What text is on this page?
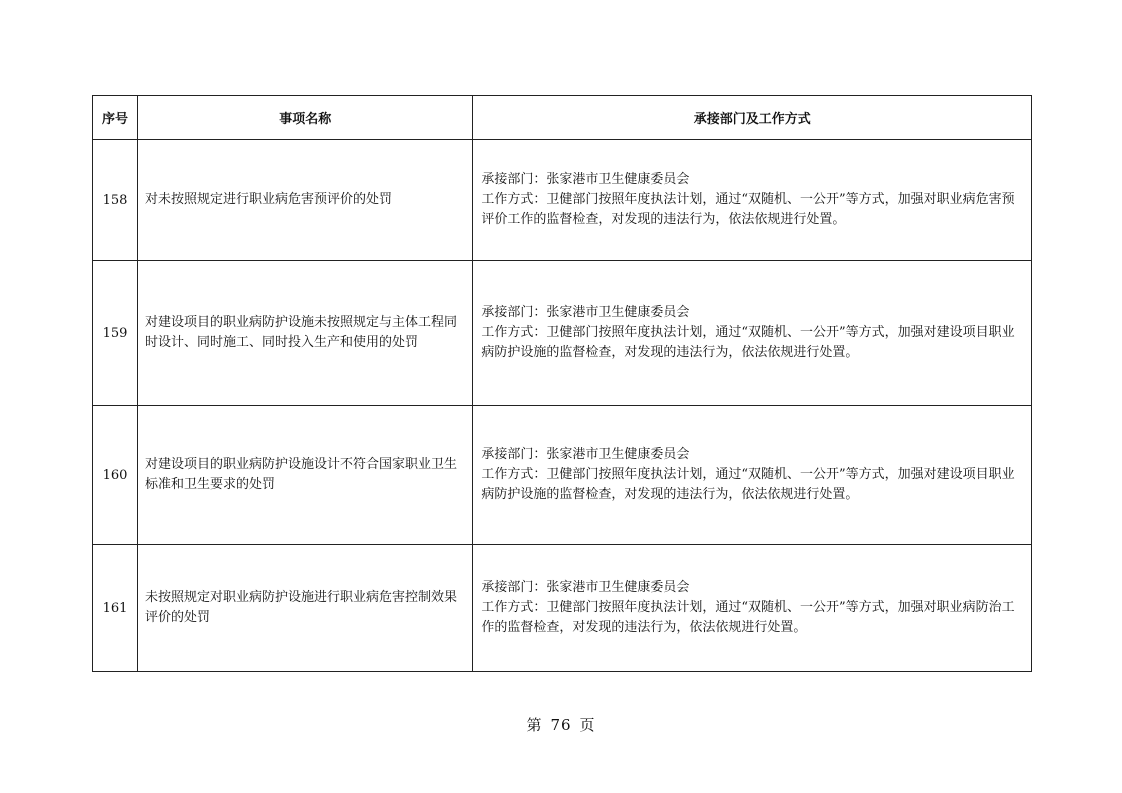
序号	事项名称	承接部门及工作方式
158	对未按照规定进行职业病危害预评价的处罚	承接部门：张家港市卫生健康委员会
工作方式：卫健部门按照年度执法计划，通过“双随机、一公开”等方式，加强对职业病危害预评价工作的监督检查，对发现的违法行为，依法依规进行处置。

159	对建设项目的职业病防护设施未按照规定与主体工程同时设计、同时施工、同时投入生产和使用的处罚	承接部门：张家港市卫生健康委员会
工作方式：卫健部门按照年度执法计划，通过“双随机、一公开”等方式，加强对建设项目职业病防护设施的监督检查，对发现的违法行为，依法依规进行处置。

160	对建设项目的职业病防护设施设计不符合国家职业卫生标准和卫生要求的处罚	承接部门：张家港市卫生健康委员会
工作方式：卫健部门按照年度执法计划，通过“双随机、一公开”等方式，加强对建设项目职业病防护设施的监督检查，对发现的违法行为，依法依规进行处置。

161	未按照规定对职业病防护设施进行职业病危害控制效果评价的处罚	承接部门：张家港市卫生健康委员会
工作方式：卫健部门按照年度执法计划，通过“双随机、一公开”等方式，加强对职业病防治工作的监督检查，对发现的违法行为，依法依规进行处置。
第 76 页
